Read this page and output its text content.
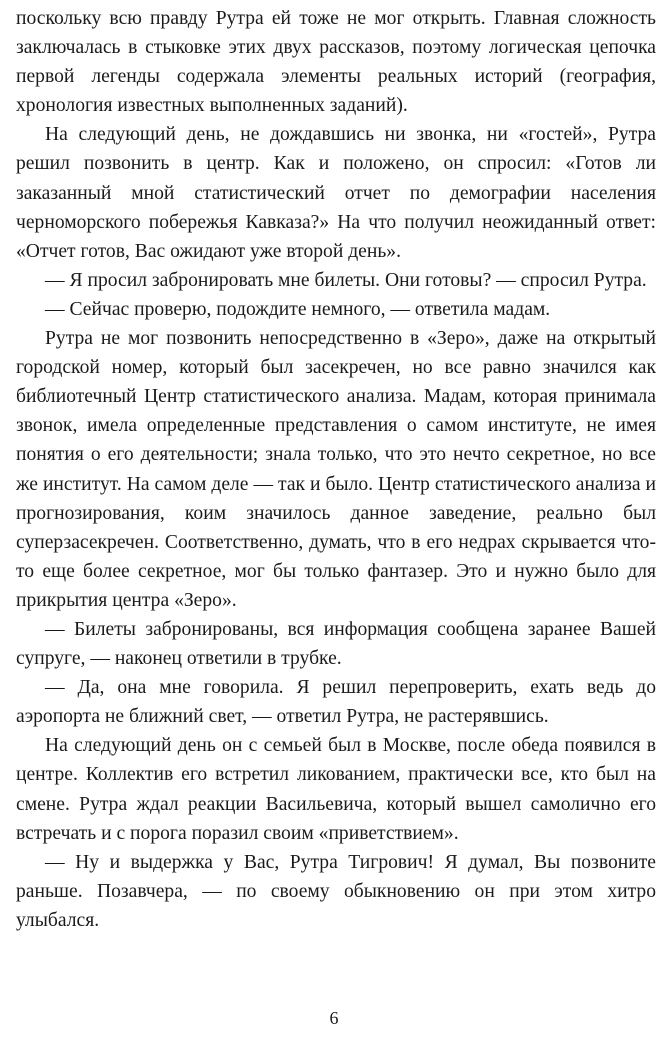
поскольку всю правду Рутра ей тоже не мог открыть. Главная сложность заключалась в стыковке этих двух рассказов, поэтому логическая цепочка первой легенды содержала элементы реальных историй (география, хронология известных выполненных заданий).

На следующий день, не дождавшись ни звонка, ни «гостей», Рутра решил позвонить в центр. Как и положено, он спросил: «Готов ли заказанный мной статистический отчет по демографии населения черноморского побережья Кавказа?» На что получил неожиданный ответ: «Отчет готов, Вас ожидают уже второй день».

— Я просил забронировать мне билеты. Они готовы? — спросил Рутра.

— Сейчас проверю, подождите немного, — ответила мадам.

Рутра не мог позвонить непосредственно в «Зеро», даже на открытый городской номер, который был засекречен, но все равно значился как библиотечный Центр статистического анализа. Мадам, которая принимала звонок, имела определенные представления о самом институте, не имея понятия о его деятельности; знала только, что это нечто секретное, но все же институт. На самом деле — так и было. Центр статистического анализа и прогнозирования, коим значилось данное заведение, реально был суперзасекречен. Соответственно, думать, что в его недрах скрывается что-то еще более секретное, мог бы только фантазер. Это и нужно было для прикрытия центра «Зеро».

— Билеты забронированы, вся информация сообщена заранее Вашей супруге, — наконец ответили в трубке.

— Да, она мне говорила. Я решил перепроверить, ехать ведь до аэропорта не ближний свет, — ответил Рутра, не растерявшись.

На следующий день он с семьей был в Москве, после обеда появился в центре. Коллектив его встретил ликованием, практически все, кто был на смене. Рутра ждал реакции Васильевича, который вышел самолично его встречать и с порога поразил своим «приветствием».

— Ну и выдержка у Вас, Рутра Тигрович! Я думал, Вы позвоните раньше. Позавчера, — по своему обыкновению он при этом хитро улыбался.

6
